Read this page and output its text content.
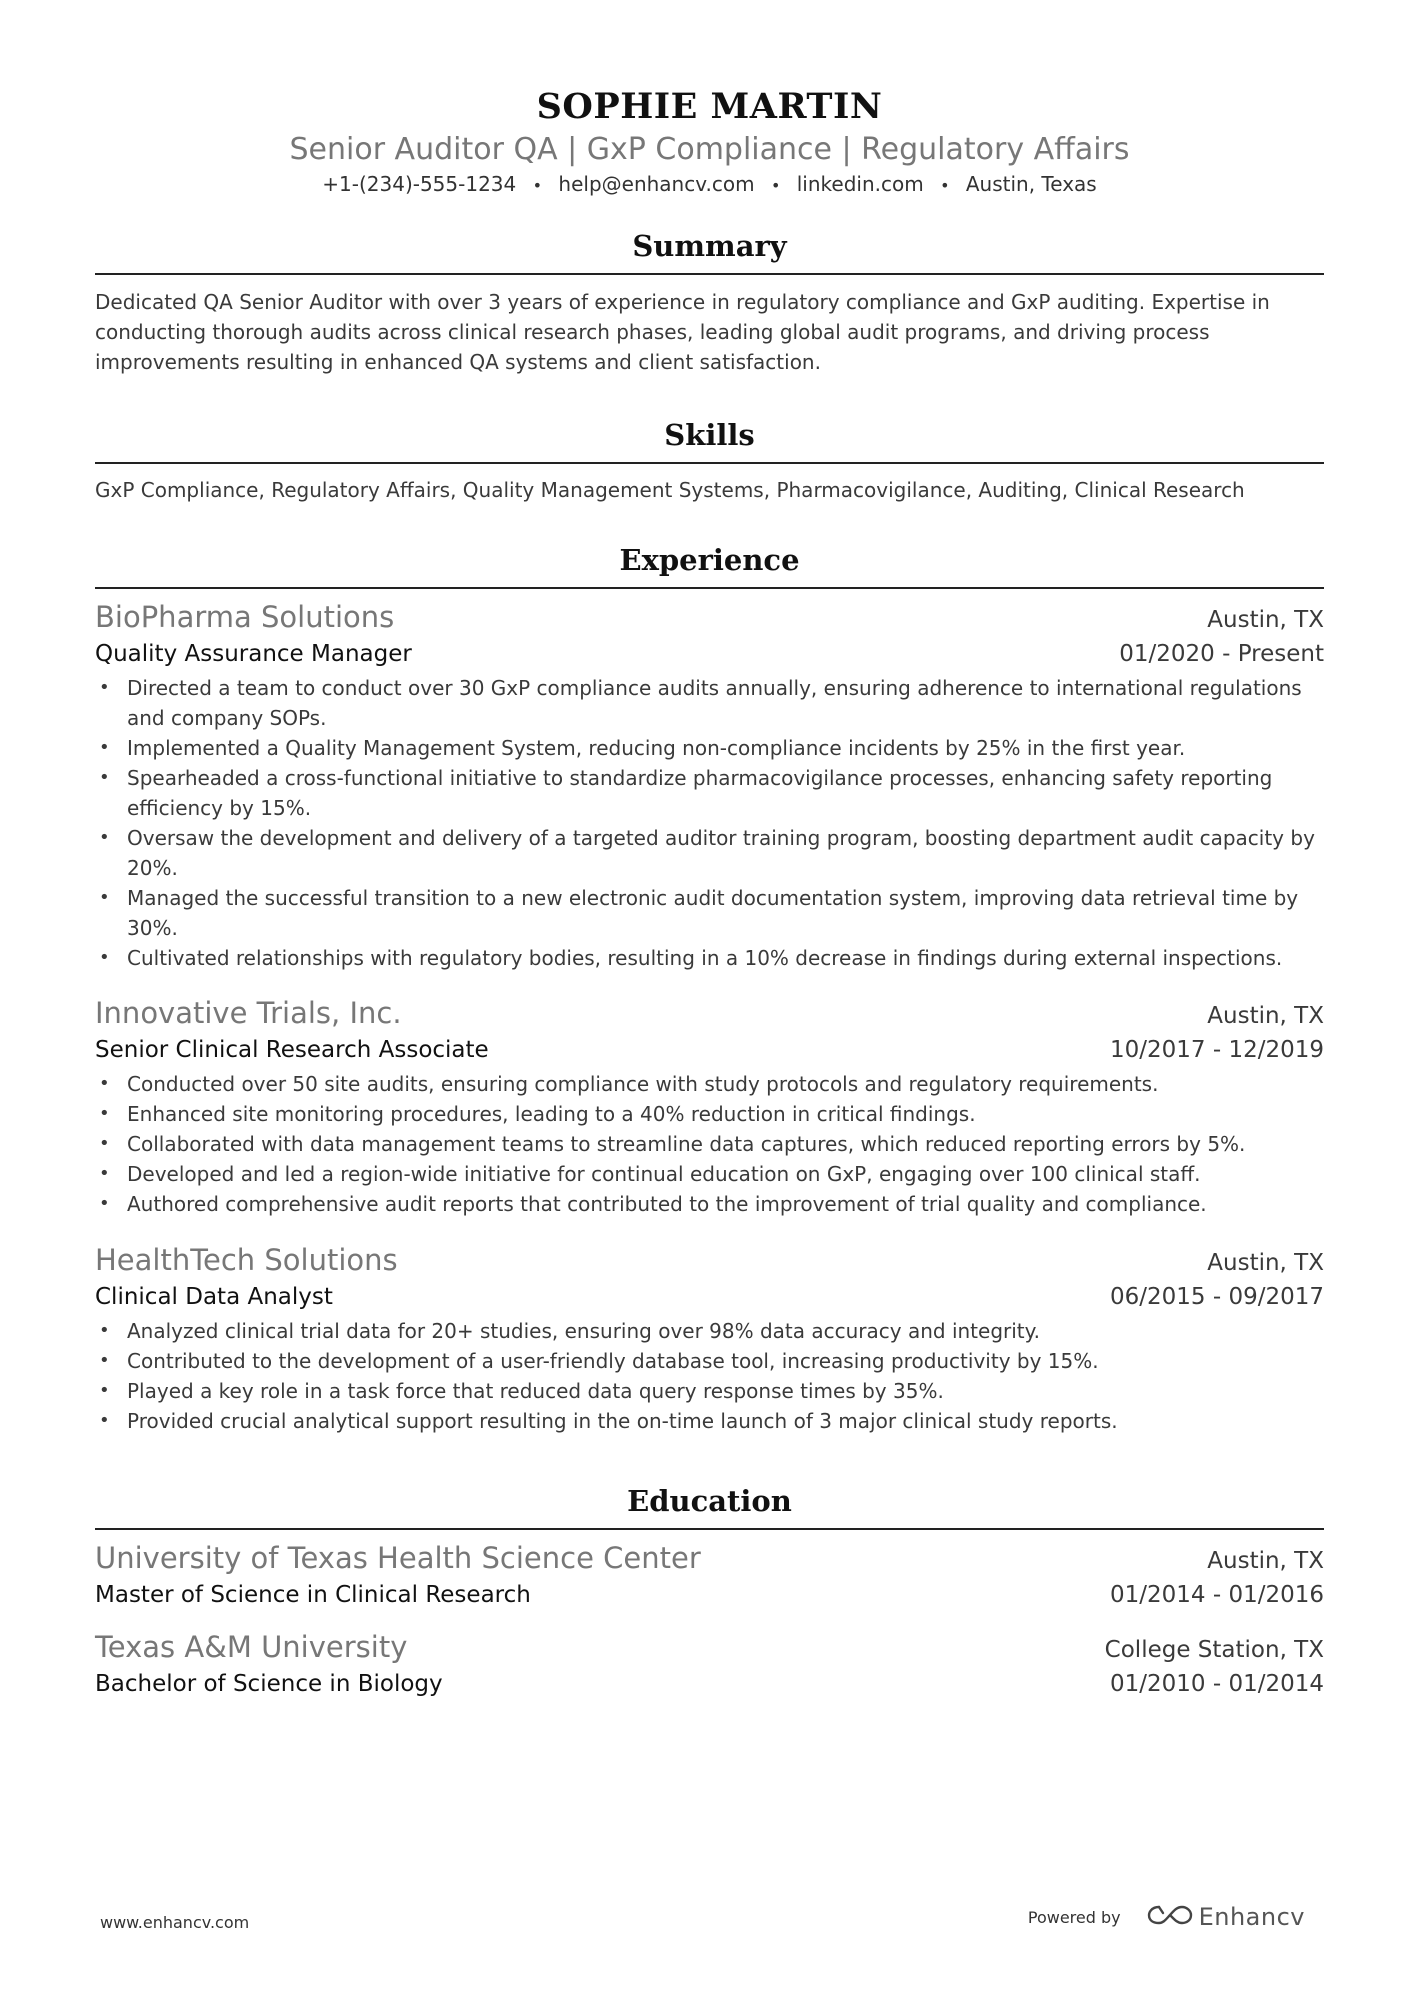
SOPHIE MARTIN
Senior Auditor QA | GxP Compliance | Regulatory Affairs
+1-(234)-555-1234 • help@enhancv.com • linkedin.com • Austin, Texas
Summary

Dedicated QA Senior Auditor with over 3 years of experience in regulatory compliance and GxP auditing. Expertise in conducting thorough audits across clinical research phases, leading global audit programs, and driving process improvements resulting in enhanced QA systems and client satisfaction.

Skills

GxP Compliance, Regulatory Affairs, Quality Management Systems, Pharmacovigilance, Auditing, Clinical Research

Experience
BioPharma Solutions	Austin, TX
Quality Assurance Manager	01/2020 - Present
• Directed a team to conduct over 30 GxP compliance audits annually, ensuring adherence to international regulations and company SOPs.
• Implemented a Quality Management System, reducing non-compliance incidents by 25% in the first year.
• Spearheaded a cross-functional initiative to standardize pharmacovigilance processes, enhancing safety reporting efficiency by 15%.
• Oversaw the development and delivery of a targeted auditor training program, boosting department audit capacity by 20%.
• Managed the successful transition to a new electronic audit documentation system, improving data retrieval time by 30%.
• Cultivated relationships with regulatory bodies, resulting in a 10% decrease in findings during external inspections.
Innovative Trials, Inc.	Austin, TX
Senior Clinical Research Associate	10/2017 - 12/2019
• Conducted over 50 site audits, ensuring compliance with study protocols and regulatory requirements.
• Enhanced site monitoring procedures, leading to a 40% reduction in critical findings.
• Collaborated with data management teams to streamline data captures, which reduced reporting errors by 5%.
• Developed and led a region-wide initiative for continual education on GxP, engaging over 100 clinical staff.
• Authored comprehensive audit reports that contributed to the improvement of trial quality and compliance.
HealthTech Solutions	Austin, TX
Clinical Data Analyst	06/2015 - 09/2017
• Analyzed clinical trial data for 20+ studies, ensuring over 98% data accuracy and integrity.
• Contributed to the development of a user-friendly database tool, increasing productivity by 15%.
• Played a key role in a task force that reduced data query response times by 35%.
• Provided crucial analytical support resulting in the on-time launch of 3 major clinical study reports.
Education
University of Texas Health Science Center	Austin, TX
Master of Science in Clinical Research	01/2014 - 01/2016
Texas A&M University	College Station, TX
Bachelor of Science in Biology	01/2010 - 01/2014
www.enhancv.com	Powered by	Enhancv
